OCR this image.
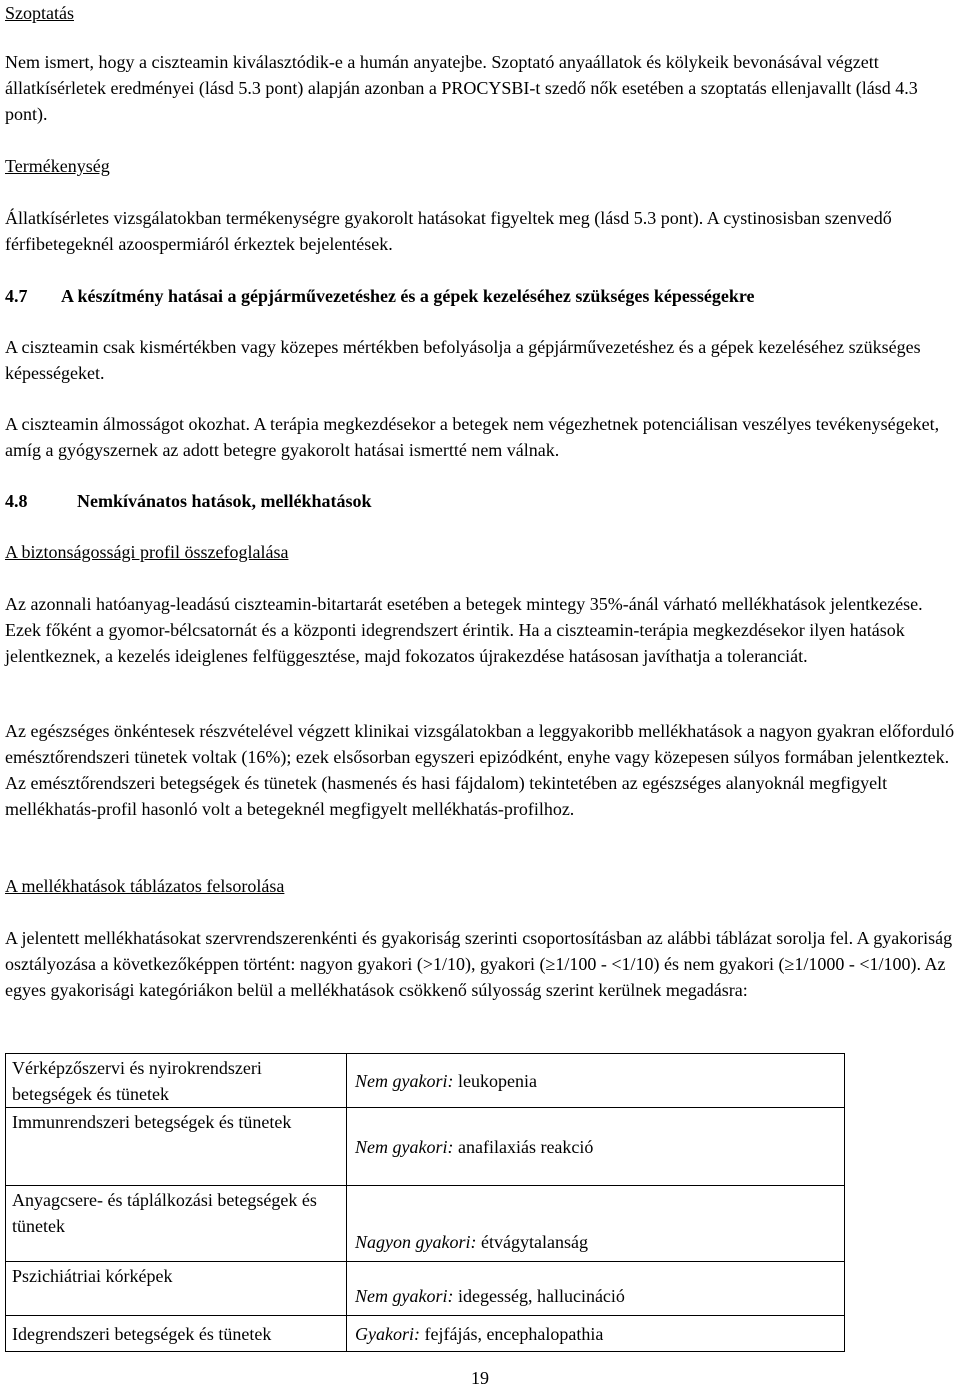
Szoptatás

Nem ismert, hogy a ciszteamin kiválasztódik-e a humán anyatejbe. Szoptató anyaállatok és kölykeik bevonásával végzett állatkísérletek eredményei (lásd 5.3 pont) alapján azonban a PROCYSBI-t szedő nők esetében a szoptatás ellenjavallt (lásd 4.3 pont).

Termékenység

Állatkísérletes vizsgálatokban termékenységre gyakorolt hatásokat figyeltek meg (lásd 5.3 pont). A cystinosisban szenvedő férfibetegeknél azoospermiáról érkeztek bejelentések.

4.7 A készítmény hatásai a gépjárművezetéshez és a gépek kezeléséhez szükséges képességekre

A ciszteamin csak kismértékben vagy közepes mértékben befolyásolja a gépjárművezetéshez és a gépek kezeléséhez szükséges képességeket.

A ciszteamin álmosságot okozhat. A terápia megkezdésekor a betegek nem végezhetnek potenciálisan veszélyes tevékenységeket, amíg a gyógyszernek az adott betegre gyakorolt hatásai ismertté nem válnak.

4.8	Nemkívánatos hatások, mellékhatások

A biztonságossági profil összefoglalása

Az azonnali hatóanyag-leadású ciszteamin-bitartarát esetében a betegek mintegy 35%-ánál várható mellékhatások jelentkezése. Ezek főként a gyomor-bélcsatornát és a központi idegrendszert érintik. Ha a ciszteamin-terápia megkezdésekor ilyen hatások jelentkeznek, a kezelés ideiglenes felfüggesztése, majd fokozatos újrakezdése hatásosan javíthatja a toleranciát.

Az egészséges önkéntesek részvételével végzett klinikai vizsgálatokban a leggyakoribb mellékhatások a nagyon gyakran előforduló emésztőrendszeri tünetek voltak (16%); ezek elsősorban egyszeri epizódként, enyhe vagy közepesen súlyos formában jelentkeztek. Az emésztőrendszeri betegségek és tünetek (hasmenés és hasi fájdalom) tekintetében az egészséges alanyoknál megfigyelt mellékhatás-profil hasonló volt a betegeknél megfigyelt mellékhatás-profilhoz.

A mellékhatások táblázatos felsorolása

A jelentett mellékhatásokat szervrendszerenkénti és gyakoriság szerinti csoportosításban az alábbi táblázat sorolja fel. A gyakoriság osztályozása a következőképpen történt: nagyon gyakori (>1/10), gyakori (≥1/100 - <1/10) és nem gyakori (≥1/1000 - <1/100). Az egyes gyakorisági kategóriákon belül a mellékhatások csökkenő súlyosság szerint kerülnek megadásra:

Vérképzőszervi és nyirokrendszeri betegségek és tünetek	Nem gyakori: leukopenia
Immunrendszeri betegségek és tünetek	Nem gyakori: anafilaxiás reakció
Anyagcsere- és táplálkozási betegségek és tünetek	Nagyon gyakori: étvágytalanság
Pszichiátriai kórképek	Nem gyakori: idegesség, hallucináció
Idegrendszeri betegségek és tünetek	Gyakori: fejfájás, encephalopathia
19
